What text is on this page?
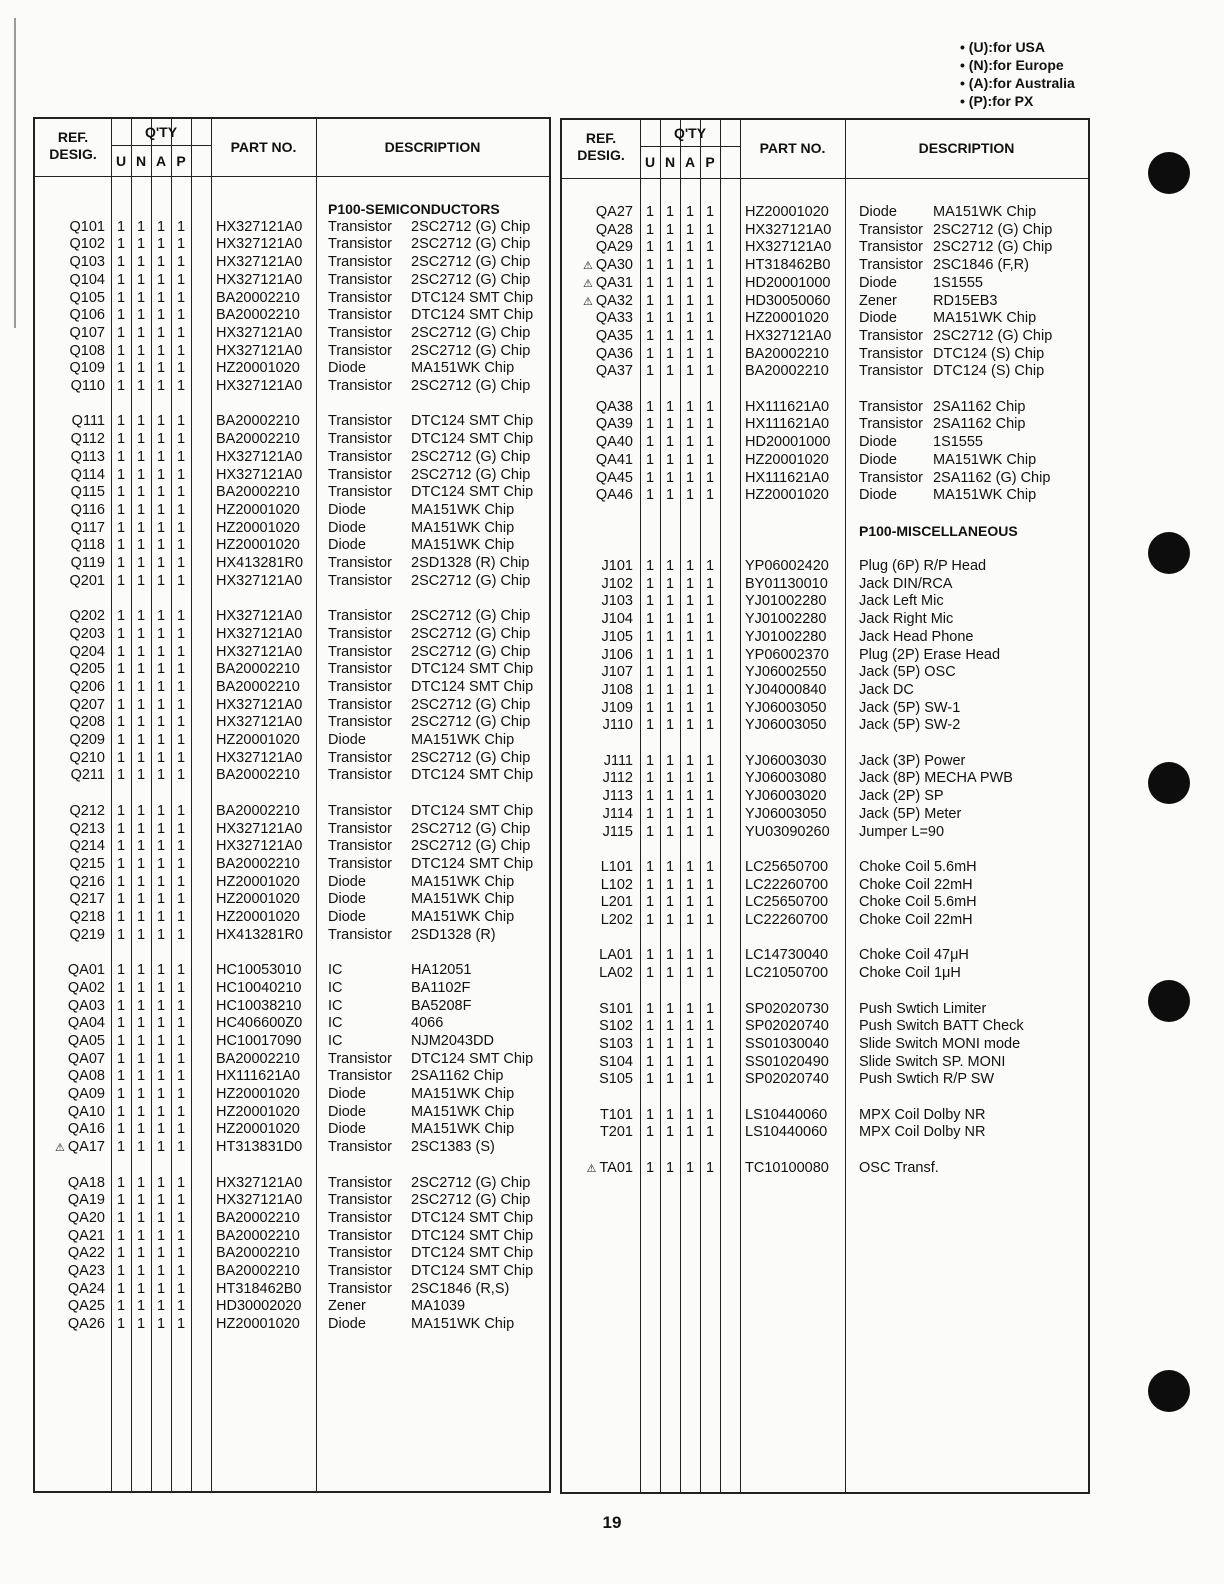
• (U):for USA
• (N):for Europe
• (A):for Australia
• (P):for PX
REF.
DESIG.
Q'TY
U N A P
PART NO.	DESCRIPTION
P100-SEMICONDUCTORS
Q101 1 1 1 1	HX327121A0 Transistor 2SC2712 (G) Chip
Q102 1 1 1 1	HX327121A0 Transistor 2SC2712 (G) Chip
Q103 1 1 1 1	HX327121A0 Transistor 2SC2712 (G) Chip
Q104 1 1 1 1	HX327121A0 Transistor 2SC2712 (G) Chip
Q105 1 1 1 1	BA20002210 Transistor DTC124 SMT Chip
Q106 1 1 1 1	BA20002210 Transistor DTC124 SMT Chip
Q107 1 1 1 1	HX327121A0 Transistor 2SC2712 (G) Chip
Q108 1 1 1 1	HX327121A0 Transistor 2SC2712 (G) Chip
Q109 1 1 1 1	HZ20001020 Diode	MA151WK Chip
Q110 1 1 1 1	HX327121A0 Transistor 2SC2712 (G) Chip
Q111 1 1 1 1	BA20002210 Transistor DTC124 SMT Chip
Q112 1 1 1 1	BA20002210 Transistor DTC124 SMT Chip
Q113 1 1 1 1	HX327121A0 Transistor 2SC2712 (G) Chip
Q114 1 1 1 1	HX327121A0 Transistor 2SC2712 (G) Chip
Q115 1 1 1 1	BA20002210 Transistor DTC124 SMT Chip
Q116 1 1 1 1	HZ20001020 Diode	MA151WK Chip
Q117 1 1 1 1	HZ20001020 Diode	MA151WK Chip
Q118 1 1 1 1	HZ20001020 Diode	MA151WK Chip
Q119 1 1 1 1	HX413281R0 Transistor 2SD1328 (R) Chip
Q201 1 1 1 1	HX327121A0 Transistor 2SC2712 (G) Chip
Q202 1 1 1 1	HX327121A0 Transistor 2SC2712 (G) Chip
Q203 1 1 1 1	HX327121A0 Transistor 2SC2712 (G) Chip
Q204 1 1 1 1	HX327121A0 Transistor 2SC2712 (G) Chip
Q205 1 1 1 1	BA20002210 Transistor DTC124 SMT Chip
Q206 1 1 1 1	BA20002210 Transistor DTC124 SMT Chip
Q207 1 1 1 1	HX327121A0 Transistor 2SC2712 (G) Chip
Q208 1 1 1 1	HX327121A0 Transistor 2SC2712 (G) Chip
Q209 1 1 1 1	HZ20001020 Diode	MA151WK Chip
Q210 1 1 1 1	HX327121A0 Transistor 2SC2712 (G) Chip
Q211 1 1 1 1	BA20002210 Transistor DTC124 SMT Chip
Q212 1 1 1 1	BA20002210 Transistor DTC124 SMT Chip
Q213 1 1 1 1	HX327121A0 Transistor 2SC2712 (G) Chip
Q214 1 1 1 1	HX327121A0 Transistor 2SC2712 (G) Chip
Q215 1 1 1 1	BA20002210 Transistor DTC124 SMT Chip
Q216 1 1 1 1	HZ20001020 Diode	MA151WK Chip
Q217 1 1 1 1	HZ20001020 Diode	MA151WK Chip
Q218 1 1 1 1	HZ20001020 Diode	MA151WK Chip
Q219 1 1 1 1	HX413281R0 Transistor 2SD1328 (R)
QA01 1 1 1 1	HC10053010 IC	HA12051
QA02 1 1 1 1	HC10040210 IC	BA1102F
QA03 1 1 1 1	HC10038210 IC	BA5208F
QA04 1 1 1 1	HC406600Z0 IC	4066
QA05 1 1 1 1	HC10017090 IC	NJM2043DD
QA07 1 1 1 1	BA20002210 Transistor DTC124 SMT Chip
QA08 1 1 1 1	HX111621A0 Transistor 2SA1162 Chip
QA09 1 1 1 1	HZ20001020 Diode	MA151WK Chip
QA10 1 1 1 1	HZ20001020 Diode	MA151WK Chip
QA16 1 1 1 1	HZ20001020 Diode	MA151WK Chip
⚠ QA17 1 1 1 1	HT313831D0 Transistor 2SC1383 (S)
QA18 1 1 1 1	HX327121A0 Transistor 2SC2712 (G) Chip
QA19 1 1 1 1	HX327121A0 Transistor 2SC2712 (G) Chip
QA20 1 1 1 1	BA20002210 Transistor DTC124 SMT Chip
QA21 1 1 1 1	BA20002210 Transistor DTC124 SMT Chip
QA22 1 1 1 1	BA20002210 Transistor DTC124 SMT Chip
QA23 1 1 1 1	BA20002210 Transistor DTC124 SMT Chip
QA24 1 1 1 1	HT318462B0 Transistor 2SC1846 (R,S)
QA25 1 1 1 1	HD30002020 Zener	MA1039
QA26 1 1 1 1	HZ20001020 Diode	MA151WK Chip
REF.
DESIG.
Q'TY
U N A P
PART NO.	DESCRIPTION
QA27 1 1 1 1	HZ20001020 Diode MA151WK Chip
QA28 1 1 1 1	HX327121A0 Transistor 2SC2712 (G) Chip
QA29 1 1 1 1	HX327121A0 Transistor 2SC2712 (G) Chip
⚠ QA30 1 1 1 1	HT318462B0 Transistor 2SC1846 (F,R)
⚠ QA31 1 1 1 1	HD20001000 Diode 1S1555
⚠ QA32 1 1 1 1	HD30050060 Zener RD15EB3
QA33 1 1 1 1	HZ20001020 Diode MA151WK Chip
QA35 1 1 1 1	HX327121A0 Transistor 2SC2712 (G) Chip
QA36 1 1 1 1	BA20002210 Transistor DTC124 (S) Chip
QA37 1 1 1 1	BA20002210 Transistor DTC124 (S) Chip
QA38 1 1 1 1	HX111621A0 Transistor 2SA1162 Chip
QA39 1 1 1 1	HX111621A0 Transistor 2SA1162 Chip
QA40 1 1 1 1	HD20001000 Diode 1S1555
QA41 1 1 1 1	HZ20001020 Diode MA151WK Chip
QA45 1 1 1 1	HX111621A0 Transistor 2SA1162 (G) Chip
QA46 1 1 1 1	HZ20001020 Diode MA151WK Chip
P100-MISCELLANEOUS
J101 1 1 1 1	YP06002420 Plug (6P) R/P Head
J102 1 1 1 1	BY01130010 Jack DIN/RCA
J103 1 1 1 1	YJ01002280 Jack Left Mic
J104 1 1 1 1	YJ01002280 Jack Right Mic
J105 1 1 1 1	YJ01002280 Jack Head Phone
J106 1 1 1 1	YP06002370 Plug (2P) Erase Head
J107 1 1 1 1	YJ06002550 Jack (5P) OSC
J108 1 1 1 1	YJ04000840 Jack DC
J109 1 1 1 1	YJ06003050 Jack (5P) SW-1
J110 1 1 1 1	YJ06003050 Jack (5P) SW-2
J111 1 1 1 1	YJ06003030 Jack (3P) Power
J112 1 1 1 1	YJ06003080 Jack (8P) MECHA PWB
J113 1 1 1 1	YJ06003020 Jack (2P) SP
J114 1 1 1 1	YJ06003050 Jack (5P) Meter
J115 1 1 1 1	YU03090260 Jumper L=90
L101 1 1 1 1	LC25650700 Choke Coil 5.6mH
L102 1 1 1 1	LC22260700 Choke Coil 22mH
L201 1 1 1 1	LC25650700 Choke Coil 5.6mH
L202 1 1 1 1	LC22260700 Choke Coil 22mH
LA01 1 1 1 1	LC14730040 Choke Coil 47μH
LA02 1 1 1 1	LC21050700 Choke Coil 1μH
S101 1 1 1 1	SP02020730 Push Swtich Limiter
S102 1 1 1 1	SP02020740 Push Switch BATT Check
S103 1 1 1 1	SS01030040 Slide Switch MONI mode
S104 1 1 1 1	SS01020490 Slide Switch SP. MONI
S105 1 1 1 1	SP02020740 Push Swtich R/P SW
T101 1 1 1 1	LS10440060 MPX Coil Dolby NR
T201 1 1 1 1	LS10440060 MPX Coil Dolby NR
⚠ TA01 1 1 1 1	TC10100080 OSC Transf.
19
